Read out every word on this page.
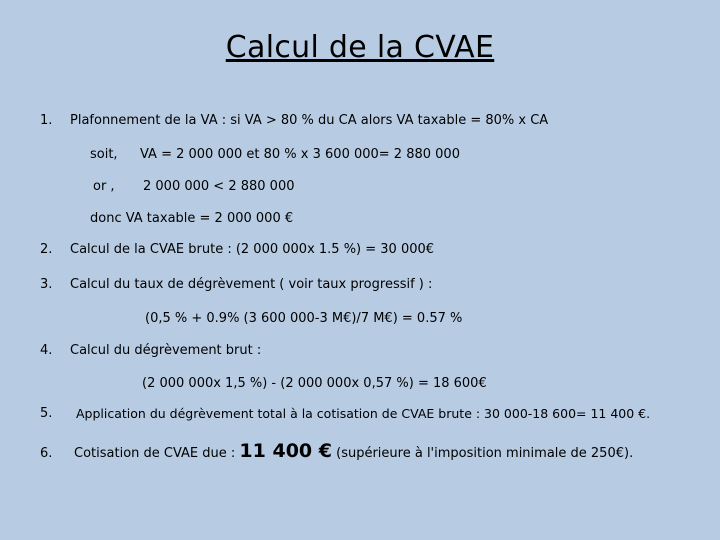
Calcul de la CVAE
1. Plafonnement de la VA : si VA > 80 % du CA alors VA taxable = 80% x CA
soit, VA = 2 000 000 et 80 % x 3 600 000= 2 880 000
or , 2 000 000 < 2 880 000
donc VA taxable = 2 000 000 €
2. Calcul de la CVAE brute : (2 000 000x 1.5 %) = 30 000€
3. Calcul du taux de dégrèvement ( voir taux progressif ) :
(0,5 % + 0.9% (3 600 000-3 M€)/7 M€) = 0.57 %
4. Calcul du dégrèvement brut :
(2 000 000x 1,5 %) - (2 000 000x 0,57 %) = 18 600€
5. Application du dégrèvement total à la cotisation de CVAE brute : 30 000-18 600= 11 400 €.
6. Cotisation de CVAE due : 11 400 € (supérieure à l'imposition minimale de 250€).
